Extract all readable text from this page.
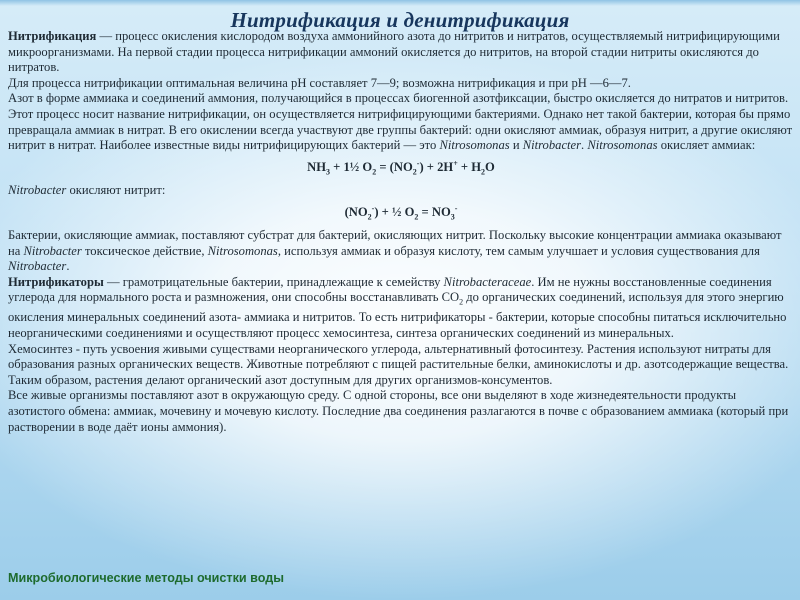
Нитрификация и денитрификация

Нитрификация — процесс окисления кислородом воздуха аммонийного азота до нитритов и нитратов, осуществляемый нитрифицирующими микроорганизмами. На первой стадии процесса нитрификации аммоний окисляется до нитритов, на второй стадии нитриты окисляются до нитратов.

Для процесса нитрификации оптимальная величина pH составляет 7—9; возможна нитрификация и при pH —6—7.

Азот в форме аммиака и соединений аммония, получающийся в процессах биогенной азотфиксации, быстро окисляется до нитратов и нитритов. Этот процесс носит название нитрификации, он осуществляется нитрифицирующими бактериями. Однако нет такой бактерии, которая бы прямо превращала аммиак в нитрат. В его окислении всегда участвуют две группы бактерий: одни окисляют аммиак, образуя нитрит, а другие окисляют нитрит в нитрат. Наиболее известные виды нитрифицирующих бактерий — это Nitrosomonas и Nitrobacter. Nitrosomonas окисляет аммиак:

$NH_3$ + 1½ $O_2 = (NO_2^-) + 2H^+ + H_2O$

Nitrobacter окисляют нитрит:

$(NO_2^-)$ + ½ $O_2 = NO_3^-$

Бактерии, окисляющие аммиак, поставляют субстрат для бактерий, окисляющих нитрит. Поскольку высокие концентрации аммиака оказывают на Nitrobacter токсическое действие, Nitrosomonas, используя аммиак и образуя кислоту, тем самым улучшает и условия существования для Nitrobacter.

Нитрификаторы — грамотрицательные бактерии, принадлежащие к семейству Nitrobacteraceae. Им не нужны восстановленные соединения углерода для нормального роста и размножения, они способны восстанавливать $CO_2$ до органических соединений, используя для этого энергию окисления минеральных соединений азота- аммиака и нитритов. То есть нитрификаторы - бактерии, которые способны питаться исключительно неорганическими соединениями и осуществляют процесс хемосинтеза, синтеза органических соединений из минеральных.

Хемосинтез - путь усвоения живыми существами неорганического углерода, альтернативный фотосинтезу. Растения используют нитраты для образования разных органических веществ. Животные потребляют с пищей растительные белки, аминокислоты и др. азотсодержащие вещества. Таким образом, растения делают органический азот доступным для других организмов-консументов.

Все живые организмы поставляют азот в окружающую среду. С одной стороны, все они выделяют в ходе жизнедеятельности продукты азотистого обмена: аммиак, мочевину и мочевую кислоту. Последние два соединения разлагаются в почве с образованием аммиака (который при растворении в воде даёт ионы аммония).

Микробиологические методы очистки воды
